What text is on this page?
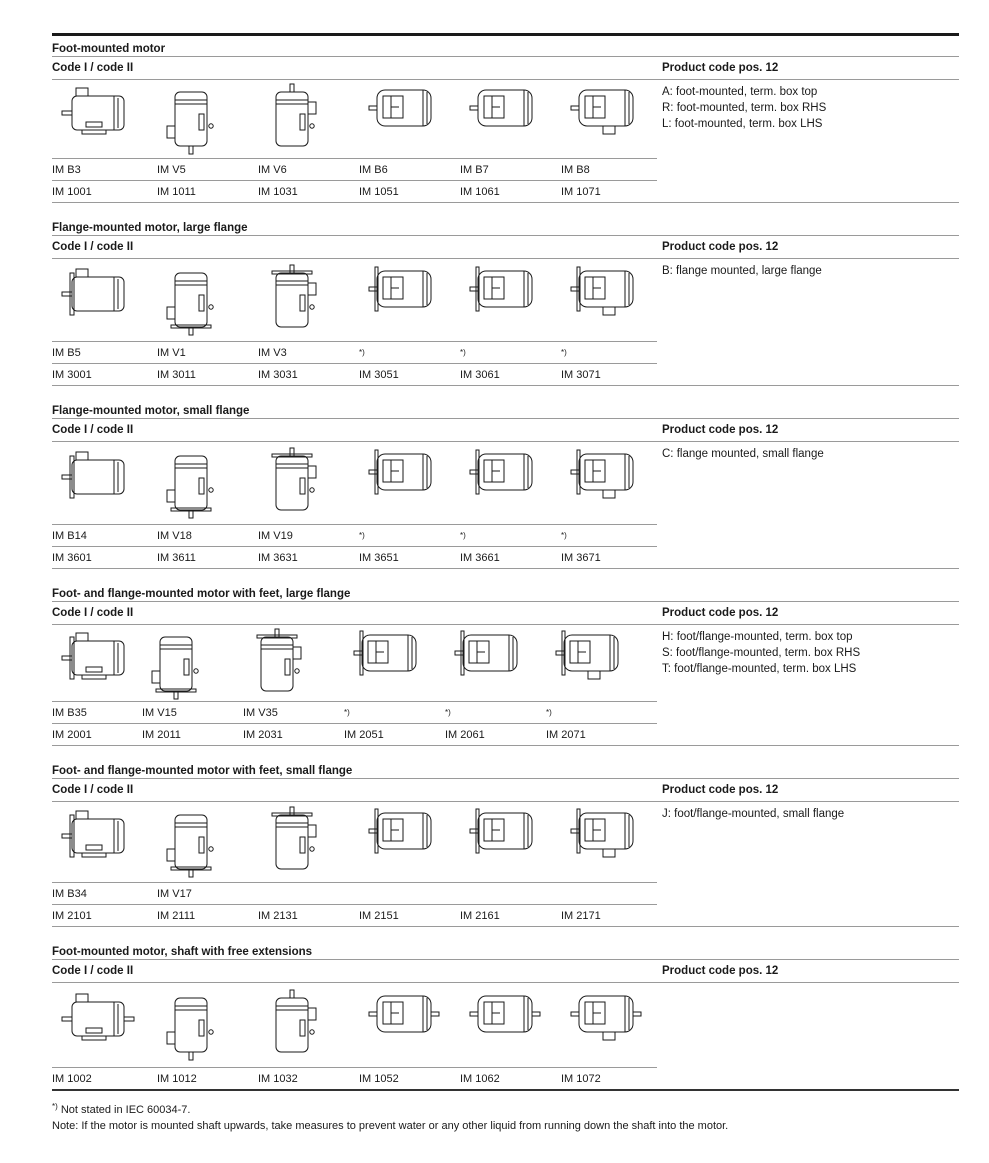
Foot-mounted motor
Code I / code II	Product code pos. 12
IM B3	IM V5	IM V6	IM B6	IM B7	IM B8
IM 1001	IM 1011	IM 1031	IM 1051	IM 1061	IM 1071
A: foot-mounted, term. box top
R: foot-mounted, term. box RHS
L: foot-mounted, term. box LHS
Flange-mounted motor, large flange
Code I / code II	Product code pos. 12
IM B5	IM V1	IM V3	*)	*)	*)
IM 3001	IM 3011	IM 3031	IM 3051	IM 3061	IM 3071
B: flange mounted, large flange
Flange-mounted motor, small flange
Code I / code II	Product code pos. 12
IM B14	IM V18	IM V19	*)	*)	*)
IM 3601	IM 3611	IM 3631	IM 3651	IM 3661	IM 3671
C: flange mounted, small flange
Foot- and flange-mounted motor with feet, large flange
Code I / code II	Product code pos. 12
IM B35	IM V15	IM V35	*)	*)	*)
IM 2001	IM 2011	IM 2031	IM 2051	IM 2061	IM 2071
H: foot/flange-mounted, term. box top
S: foot/flange-mounted, term. box RHS
T: foot/flange-mounted, term. box LHS
Foot- and flange-mounted motor with feet, small flange
Code I / code II	Product code pos. 12
IM B34	IM V17
IM 2101	IM 2111	IM 2131	IM 2151	IM 2161	IM 2171
J: foot/flange-mounted, small flange
Foot-mounted motor, shaft with free extensions
Code I / code II	Product code pos. 12
IM 1002	IM 1012	IM 1032	IM 1052	IM 1062	IM 1072
*) Not stated in IEC 60034-7.
Note: If the motor is mounted shaft upwards, take measures to prevent water or any other liquid from running down the shaft into the motor.
